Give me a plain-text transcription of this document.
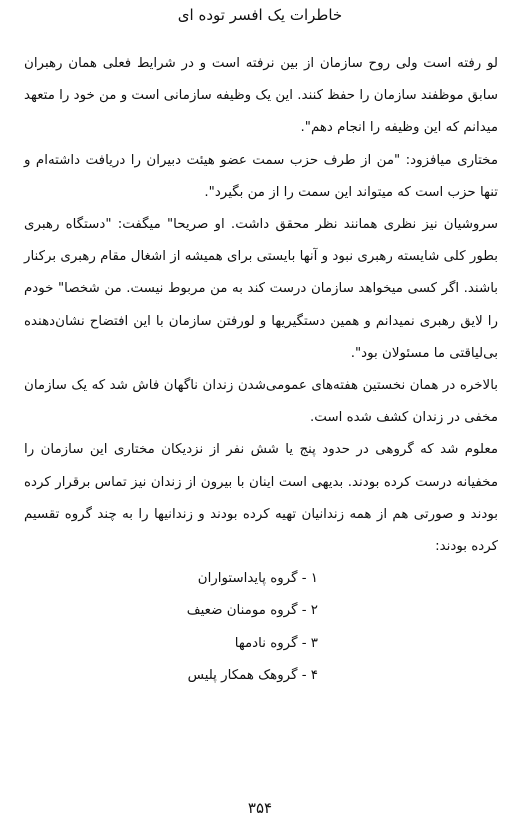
خاطرات یک افسر توده ای

لو رفته است ولی روح سازمان از بین نرفته است و در شرایط فعلی همان رهبران سابق موظفند سازمان را حفظ کنند. این یک وظیفه سازمانی است و من خود را متعهد میدانم که این وظیفه را انجام دهم".

مختاری میافزود: "من از طرف حزب سمت عضو هیئت دبیران را دریافت داشته‌ام و تنها حزب است که میتواند این سمت را از من بگیرد".

سروشیان نیز نظری همانند نظر محقق داشت. او صریحا" میگفت: "دستگاه رهبری بطور کلی شایسته رهبری نبود و آنها بایستی برای همیشه از اشغال مقام رهبری برکنار باشند. اگر کسی میخواهد سازمان درست کند به من مربوط نیست. من شخصا" خودم را لایق رهبری نمیدانم و همین دستگیریها و لورفتن سازمان با این افتضاح نشان‌دهنده بی‌لیاقتی ما مسئولان بود".

بالاخره در همان نخستین هفته‌های عمومی‌شدن زندان ناگهان فاش شد که یک سازمان مخفی در زندان کشف شده است.

معلوم شد که گروهی در حدود پنج یا شش نفر از نزدیکان مختاری این سازمان را مخفیانه درست کرده بودند. بدیهی است اینان با بیرون از زندان نیز تماس برقرار کرده بودند و صورتی هم از همه زندانیان تهیه کرده بودند و زندانیها را به چند گروه تقسیم کرده بودند:

۱ - گروه پایداستواران
۲ - گروه مومنان ضعیف
۳ - گروه نادمها
۴ - گروهک همکار پلیس
۳۵۴
